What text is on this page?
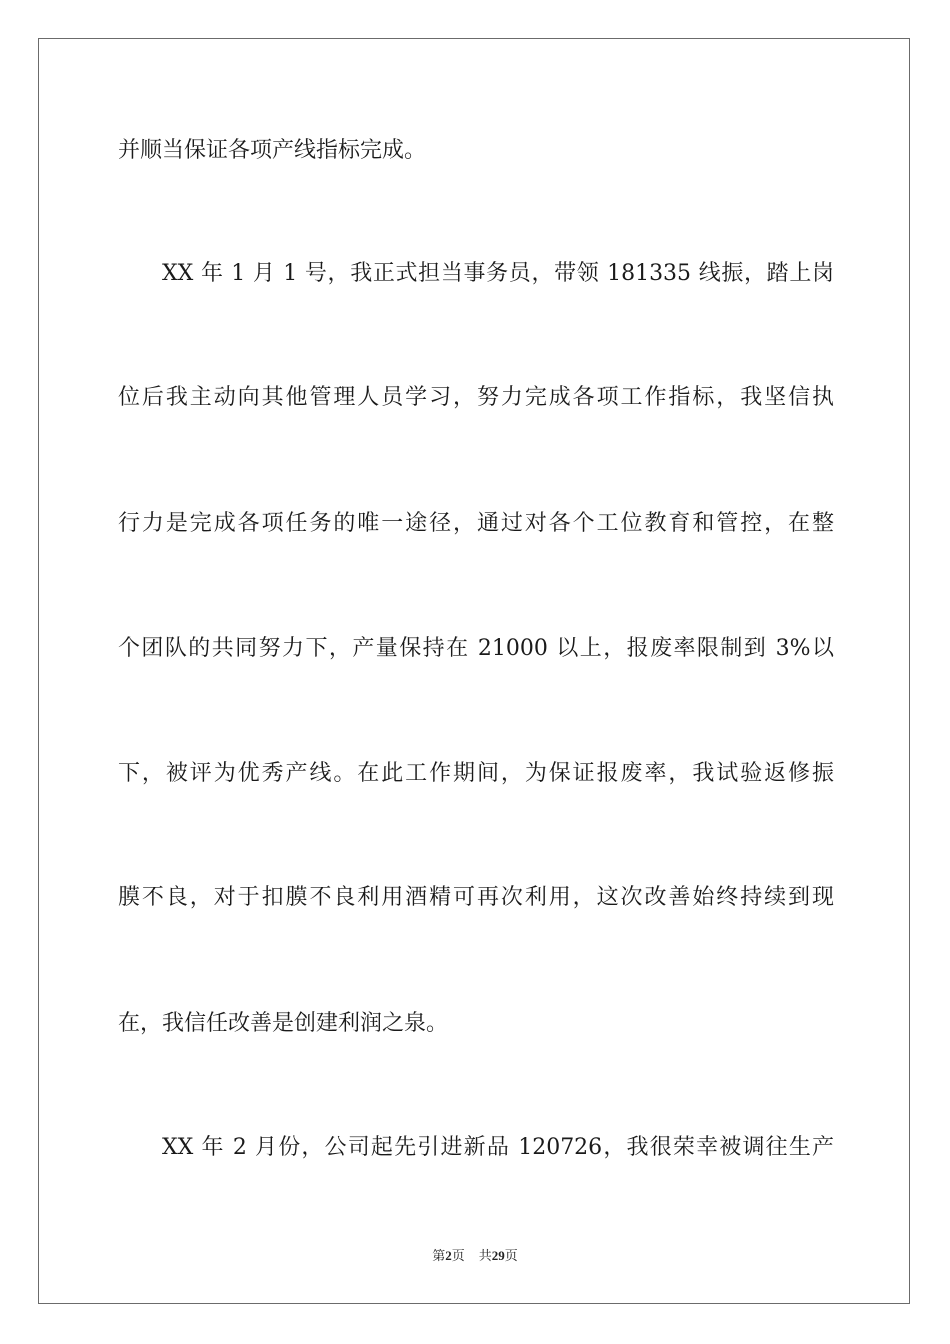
并顺当保证各项产线指标完成。
XX 年 1 月 1 号，我正式担当事务员，带领 181335 线振，踏上岗
位后我主动向其他管理人员学习，努力完成各项工作指标，我坚信执
行力是完成各项任务的唯一途径，通过对各个工位教育和管控，在整
个团队的共同努力下，产量保持在 21000 以上，报废率限制到 3%以
下，被评为优秀产线。在此工作期间，为保证报废率，我试验返修振
膜不良，对于扣膜不良利用酒精可再次利用，这次改善始终持续到现
在，我信任改善是创建利润之泉。
XX 年 2 月份，公司起先引进新品 120726，我很荣幸被调往生产
第2页 共29页
